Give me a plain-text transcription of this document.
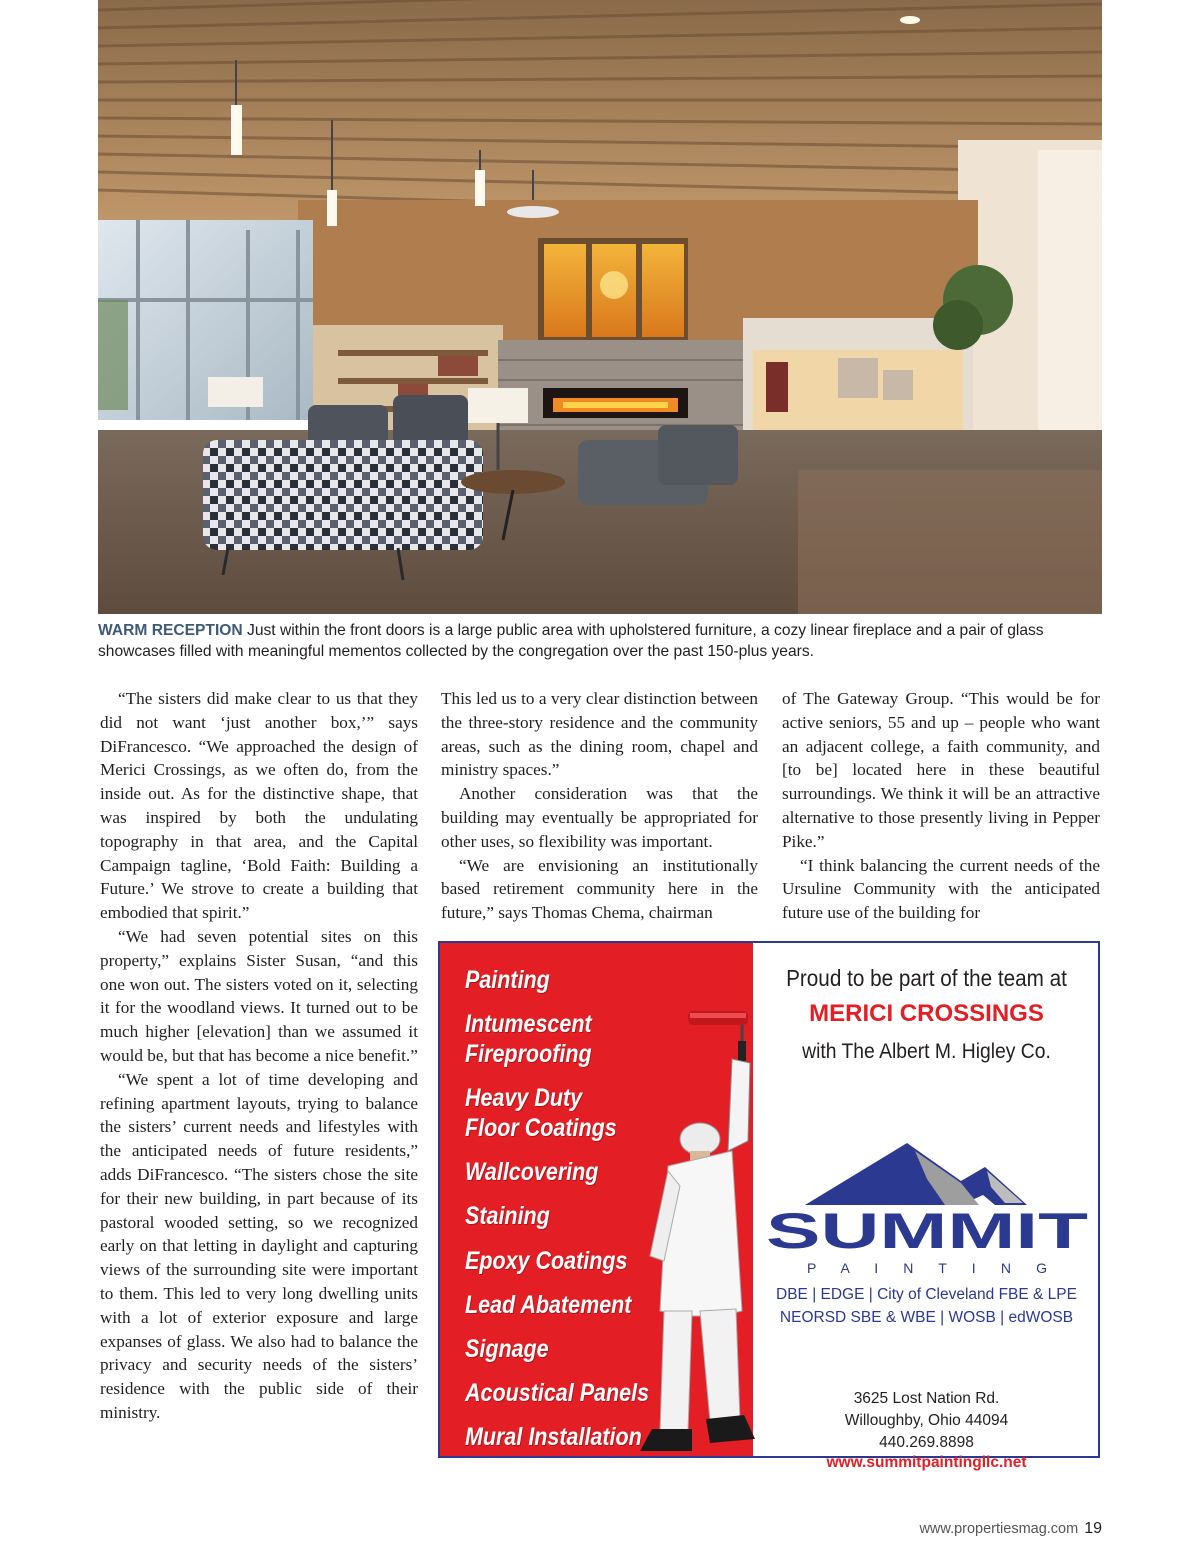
WARM RECEPTION Just within the front doors is a large public area with upholstered furniture, a cozy linear fireplace and a pair of glass showcases filled with meaningful mementos collected by the congregation over the past 150-plus years.

“The sisters did make clear to us that they did not want ‘just another box,’” says DiFrancesco. “We approached the design of Merici Crossings, as we often do, from the inside out. As for the distinctive shape, that was inspired by both the undulating topography in that area, and the Capital Campaign tagline, ‘Bold Faith: Building a Future.’ We strove to create a building that embodied that spirit.”

“We had seven potential sites on this property,” explains Sister Susan, “and this one won out. The sisters voted on it, selecting it for the woodland views. It turned out to be much higher [elevation] than we assumed it would be, but that has become a nice benefit.”

“We spent a lot of time developing and refining apartment layouts, trying to balance the sisters’ current needs and lifestyles with the anticipated needs of future residents,” adds DiFrancesco. “The sisters chose the site for their new building, in part because of its pastoral wooded setting, so we recognized early on that letting in daylight and capturing views of the surrounding site were important to them. This led to very long dwelling units with a lot of exterior exposure and large expanses of glass. We also had to balance the privacy and security needs of the sisters’ residence with the public side of their ministry.

This led us to a very clear distinction between the three-story residence and the community areas, such as the dining room, chapel and ministry spaces.”

Another consideration was that the building may eventually be appropriated for other uses, so flexibility was important.

“We are envisioning an institutionally based retirement community here in the future,” says Thomas Chema, chairman

of The Gateway Group. “This would be for active seniors, 55 and up – people who want an adjacent college, a faith community, and [to be] located here in these beautiful surroundings. We think it will be an attractive alternative to those presently living in Pepper Pike.”

“I think balancing the current needs of the Ursuline Community with the anticipated future use of the building for

Painting
Intumescent
Fireproofing
Heavy Duty
Floor Coatings
Wallcovering
Staining
Epoxy Coatings
Lead Abatement
Signage
Acoustical Panels
Mural Installation
Proud to be part of the team at
MERICI CROSSINGS
with The Albert M. Higley Co.
SUMMIT
P A I N T I N G
DBE | EDGE | City of Cleveland FBE & LPE
NEORSD SBE & WBE | WOSB | edWOSB
3625 Lost Nation Rd.
Willoughby, Ohio 44094
440.269.8898
www.summitpaintingllc.net
www.propertiesmag.com 19
